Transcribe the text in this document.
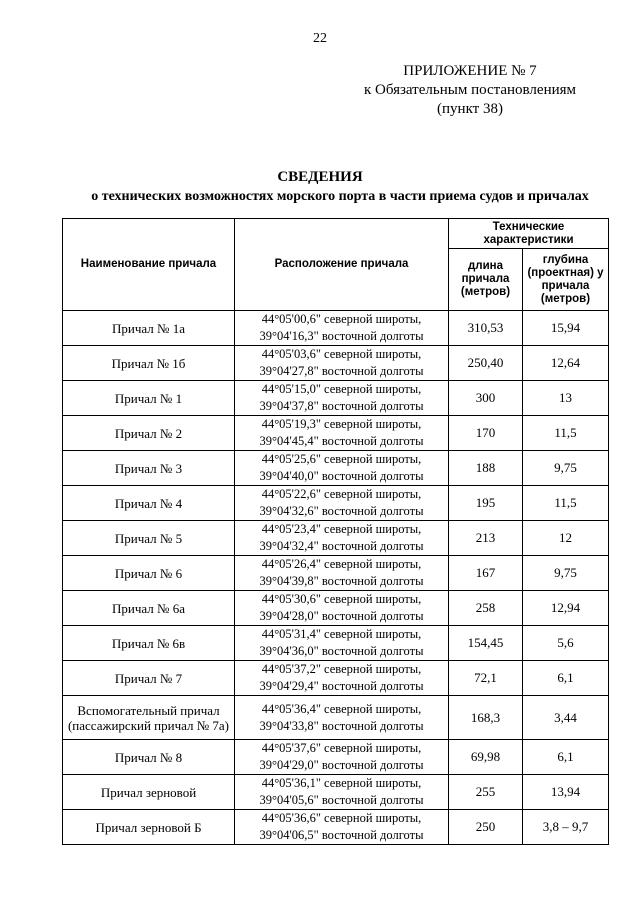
22
ПРИЛОЖЕНИЕ № 7
к Обязательным постановлениям
(пункт 38)
СВЕДЕНИЯ
о технических возможностях морского порта в части приема судов и причалах
Наименование причала	Расположение причала	Технические характеристики	
		длина причала (метров)	глубина (проектная) у причала (метров)
Причал № 1а	44°05'00,6" северной широты,
39°04'16,3" восточной долготы	310,53	15,94
Причал № 1б	44°05'03,6" северной широты,
39°04'27,8" восточной долготы	250,40	12,64
Причал № 1	44°05'15,0" северной широты,
39°04'37,8" восточной долготы	300	13
Причал № 2	44°05'19,3" северной широты,
39°04'45,4" восточной долготы	170	11,5
Причал № 3	44°05'25,6" северной широты,
39°04'40,0" восточной долготы	188	9,75
Причал № 4	44°05'22,6" северной широты,
39°04'32,6" восточной долготы	195	11,5
Причал № 5	44°05'23,4" северной широты,
39°04'32,4" восточной долготы	213	12
Причал № 6	44°05'26,4" северной широты,
39°04'39,8" восточной долготы	167	9,75
Причал № 6а	44°05'30,6" северной широты,
39°04'28,0" восточной долготы	258	12,94
Причал № 6в	44°05'31,4" северной широты,
39°04'36,0" восточной долготы	154,45	5,6
Причал № 7	44°05'37,2" северной широты,
39°04'29,4" восточной долготы	72,1	6,1
Вспомогательный причал (пассажирский причал № 7а)	44°05'36,4" северной широты,
39°04'33,8" восточной долготы	168,3	3,44
Причал № 8	44°05'37,6" северной широты,
39°04'29,0" восточной долготы	69,98	6,1
Причал зерновой	44°05'36,1" северной широты,
39°04'05,6" восточной долготы	255	13,94
Причал зерновой Б	44°05'36,6" северной широты,
39°04'06,5" восточной долготы	250	3,8 – 9,7
